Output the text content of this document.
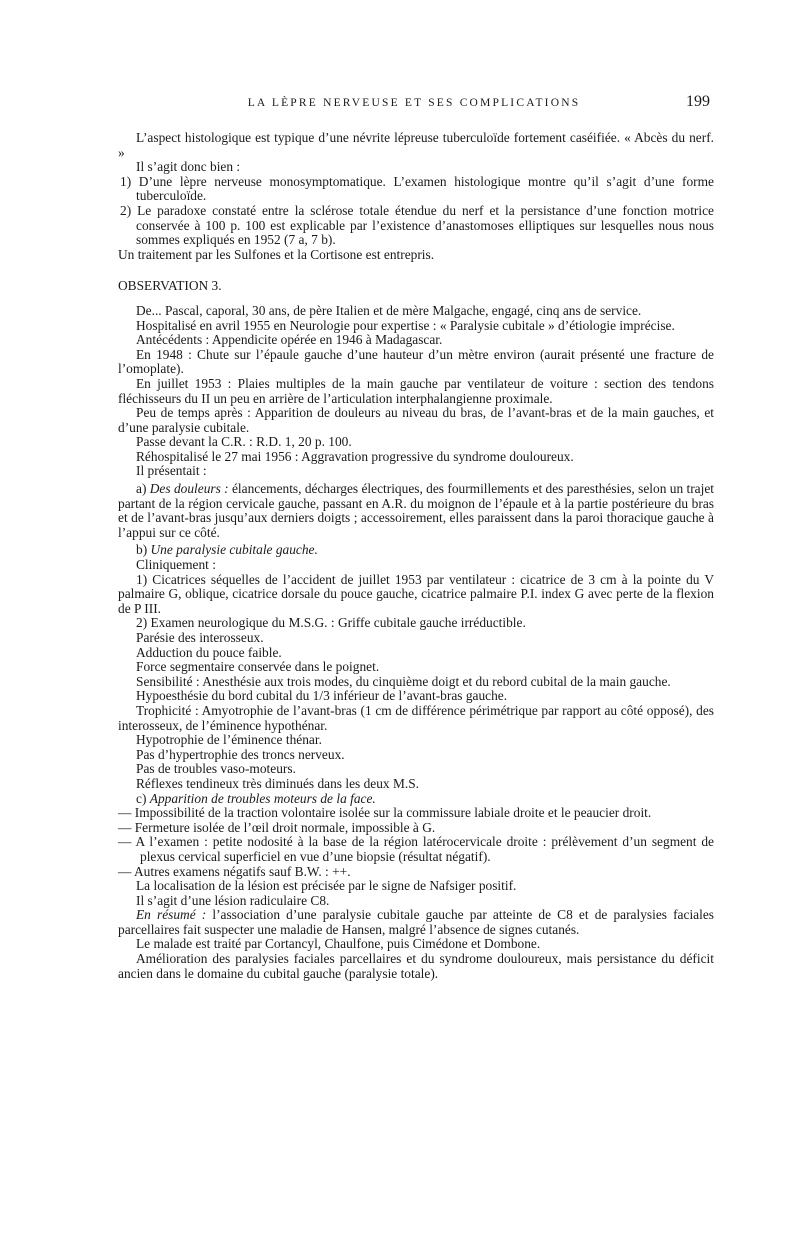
LA LÈPRE NERVEUSE ET SES COMPLICATIONS	199

L’aspect histologique est typique d’une névrite lépreuse tuberculoïde fortement caséifiée. « Abcès du nerf. »

Il s’agit donc bien :

1) D’une lèpre nerveuse monosymptomatique. L’examen histologique montre qu’il s’agit d’une forme tuberculoïde.

2) Le paradoxe constaté entre la sclérose totale étendue du nerf et la persistance d’une fonction motrice conservée à 100 p. 100 est explicable par l’existence d’anastomoses elliptiques sur lesquelles nous nous sommes expliqués en 1952 (7 a, 7 b).

Un traitement par les Sulfones et la Cortisone est entrepris.

OBSERVATION 3.

De... Pascal, caporal, 30 ans, de père Italien et de mère Malgache, engagé, cinq ans de service.

Hospitalisé en avril 1955 en Neurologie pour expertise : « Paralysie cubitale » d’étiologie imprécise.

Antécédents : Appendicite opérée en 1946 à Madagascar.

En 1948 : Chute sur l’épaule gauche d’une hauteur d’un mètre environ (aurait présenté une fracture de l’omoplate).

En juillet 1953 : Plaies multiples de la main gauche par ventilateur de voiture : section des tendons fléchisseurs du II un peu en arrière de l’articulation interphalangienne proximale.

Peu de temps après : Apparition de douleurs au niveau du bras, de l’avant-bras et de la main gauches, et d’une paralysie cubitale.

Passe devant la C.R. : R.D. 1, 20 p. 100.

Réhospitalisé le 27 mai 1956 : Aggravation progressive du syndrome douloureux.

Il présentait :

a) Des douleurs : élancements, décharges électriques, des fourmillements et des paresthésies, selon un trajet partant de la région cervicale gauche, passant en A.R. du moignon de l’épaule et à la partie postérieure du bras et de l’avant-bras jusqu’aux derniers doigts ; accessoirement, elles paraissent dans la paroi thoracique gauche à l’appui sur ce côté.

b) Une paralysie cubitale gauche.

Cliniquement :

1) Cicatrices séquelles de l’accident de juillet 1953 par ventilateur : cicatrice de 3 cm à la pointe du V palmaire G, oblique, cicatrice dorsale du pouce gauche, cicatrice palmaire P.I. index G avec perte de la flexion de P III.

2) Examen neurologique du M.S.G. : Griffe cubitale gauche irréductible.

Parésie des interosseux.

Adduction du pouce faible.

Force segmentaire conservée dans le poignet.

Sensibilité : Anesthésie aux trois modes, du cinquième doigt et du rebord cubital de la main gauche.

Hypoesthésie du bord cubital du 1/3 inférieur de l’avant-bras gauche.

Trophicité : Amyotrophie de l’avant-bras (1 cm de différence périmétrique par rapport au côté opposé), des interosseux, de l’éminence hypothénar.

Hypotrophie de l’éminence thénar.

Pas d’hypertrophie des troncs nerveux.

Pas de troubles vaso-moteurs.

Réflexes tendineux très diminués dans les deux M.S.

c) Apparition de troubles moteurs de la face.

— Impossibilité de la traction volontaire isolée sur la commissure labiale droite et le peaucier droit.

— Fermeture isolée de l’œil droit normale, impossible à G.

— A l’examen : petite nodosité à la base de la région latérocervicale droite : prélèvement d’un segment de plexus cervical superficiel en vue d’une biopsie (résultat négatif).

— Autres examens négatifs sauf B.W. : ++.

La localisation de la lésion est précisée par le signe de Nafsiger positif.

Il s’agit d’une lésion radiculaire C8.

En résumé : l’association d’une paralysie cubitale gauche par atteinte de C8 et de paralysies faciales parcellaires fait suspecter une maladie de Hansen, malgré l’absence de signes cutanés.

Le malade est traité par Cortancyl, Chaulfone, puis Cimédone et Dombone.

Amélioration des paralysies faciales parcellaires et du syndrome douloureux, mais persistance du déficit ancien dans le domaine du cubital gauche (paralysie totale).
